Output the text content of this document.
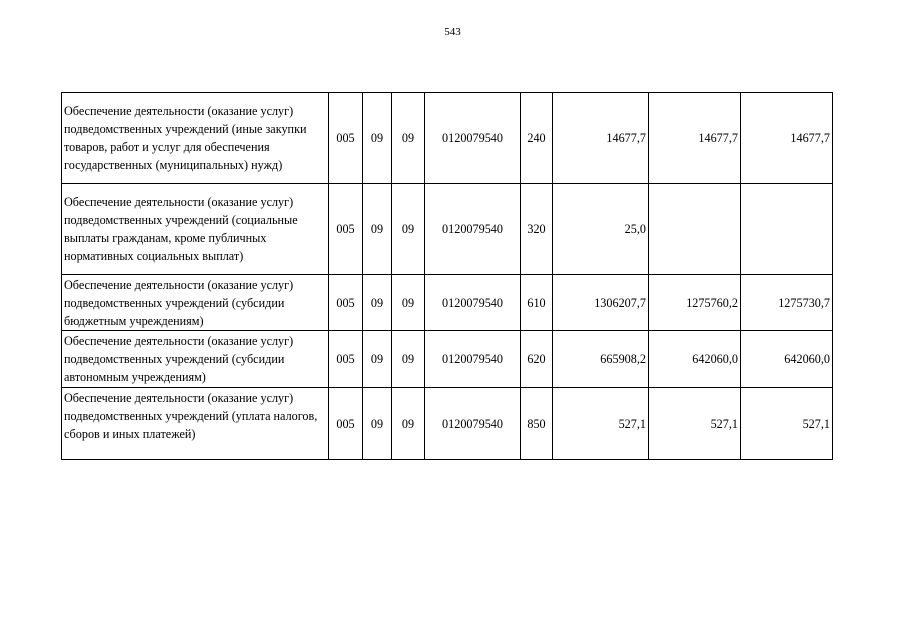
543
Обеспечение деятельности (оказание услуг) подведомственных учреждений (иные закупки товаров, работ и услуг для обеспечения государственных (муниципальных) нужд)	005	09	09	0120079540	240	14677,7	14677,7	14677,7
Обеспечение деятельности (оказание услуг) подведомственных учреждений (социальные выплаты гражданам, кроме публичных нормативных социальных выплат)	005	09	09	0120079540	320	25,0		
Обеспечение деятельности (оказание услуг) подведомственных учреждений (субсидии бюджетным учреждениям)	005	09	09	0120079540	610	1306207,7	1275760,2	1275730,7
Обеспечение деятельности (оказание услуг) подведомственных учреждений (субсидии автономным учреждениям)	005	09	09	0120079540	620	665908,2	642060,0	642060,0
Обеспечение деятельности (оказание услуг) подведомственных учреждений (уплата налогов, сборов и иных платежей)	005	09	09	0120079540	850	527,1	527,1	527,1
